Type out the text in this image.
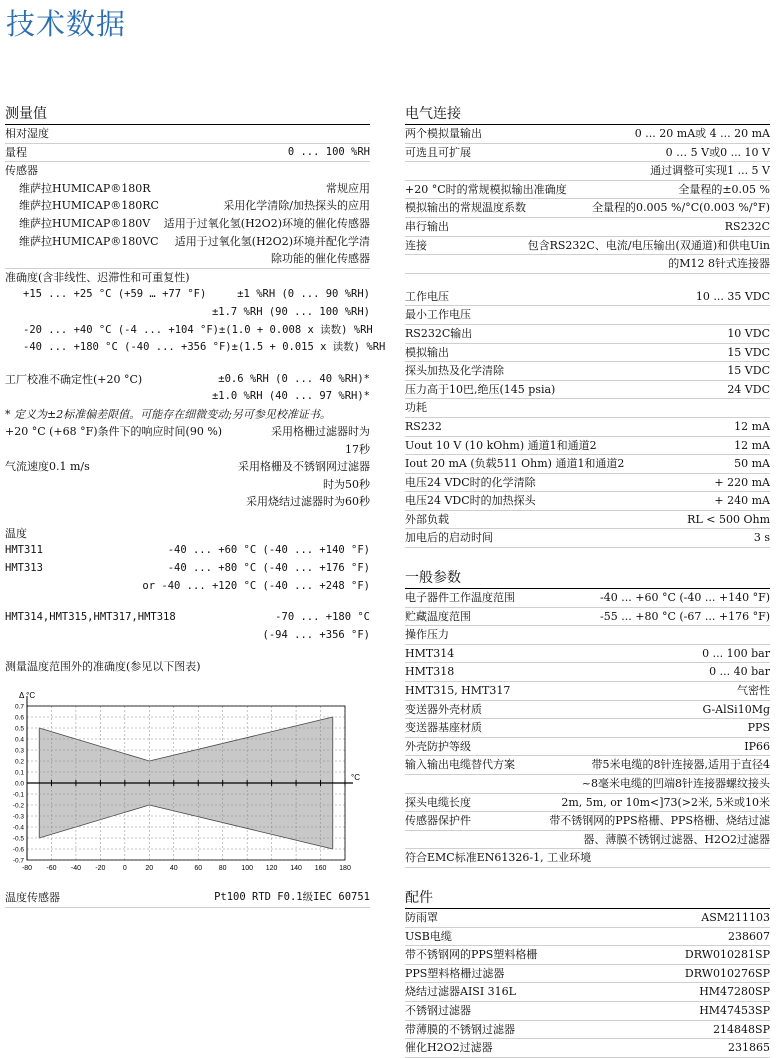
技术数据
测量值
相对湿度
量程	0 ... 100 %RH
传感器
维萨拉HUMICAP®180R	常规应用
维萨拉HUMICAP®180RC	采用化学清除/加热探头的应用
维萨拉HUMICAP®180V 适用于过氧化氢(H2O2)环境的催化传感器
维萨拉HUMICAP®180VC 适用于过氧化氢(H2O2)环境并配化学清
除功能的催化传感器
准确度(含非线性、迟滞性和可重复性)
+15 ... +25 °C (+59 … +77 °F)	±1 %RH (0 ... 90 %RH)
±1.7 %RH (90 ... 100 %RH)
-20 ... +40 °C (-4 ... +104 °F) ±(1.0 + 0.008 x 读数) %RH
-40 ... +180 °C (-40 ... +356 °F) ±(1.5 + 0.015 x 读数) %RH
工厂校准不确定性(+20 °C)	±0.6 %RH (0 ... 40 %RH)*
±1.0 %RH (40 ... 97 %RH)*
* 定义为±2标准偏差限值。可能存在细微变动;另可参见校准证书。
+20 °C (+68 °F)条件下的响应时间(90 %)	采用格栅过滤器时为
17秒
气流速度0.1 m/s	采用格栅及不锈钢网过滤器
时为50秒
采用烧结过滤器时为60秒
温度
HMT311	-40 ... +60 °C (-40 ... +140 °F)
HMT313	-40 ... +80 °C (-40 ... +176 °F)
or -40 ... +120 °C (-40 ... +248 °F)
HMT314,HMT315,HMT317,HMT318	-70 ... +180 °C
(-94 ... +356 °F)
测量温度范围外的准确度(参见以下图表)
-80 -60 -40 -20 0	20 40 60 80 100 120 140 160 180
0.7
0.6
0.5
0.4
0.3
0.2
0.1
0.0
-0.1
-0.2
-0.3
-0.4
-0.5
-0.6
-0.7
Δ °C
°C
温度传感器	Pt100 RTD F0.1级IEC 60751
电气连接
两个模拟量输出	0 ... 20 mA或 4 ... 20 mA
可选且可扩展	0 … 5 V或0 ... 10 V
通过调整可实现1 ... 5 V
+20 °C时的常规模拟输出准确度	全量程的±0.05 %
模拟输出的常规温度系数	全量程的0.005 %/°C(0.003 %/°F)
串行输出	RS232C
连接	包含RS232C、电流/电压输出(双通道)和供电Uin
的M12 8针式连接器
工作电压	10 ... 35 VDC
最小工作电压
RS232C输出	10 VDC
模拟输出	15 VDC
探头加热及化学清除	15 VDC
压力高于10巴,绝压(145 psia)	24 VDC
功耗
RS232	12 mA
Uout 10 V (10 kOhm) 通道1和通道2	12 mA
Iout 20 mA (负载511 Ohm) 通道1和通道2	50 mA
电压24 VDC时的化学清除	+ 220 mA
电压24 VDC时的加热探头	+ 240 mA
外部负载	RL < 500 Ohm
加电后的启动时间	3 s
一般参数
电子器件工作温度范围	-40 ... +60 °C (-40 ... +140 °F)
贮藏温度范围	-55 ... +80 °C (-67 ... +176 °F)
操作压力
HMT314	0 ... 100 bar
HMT318	0 ... 40 bar
HMT315, HMT317	气密性
变送器外壳材质	G-AlSi10Mg
变送器基座材质	PPS
外壳防护等级	IP66
输入输出电缆替代方案	带5米电缆的8针连接器,适用于直径4
~8毫米电缆的凹端8针连接器螺纹接头
探头电缆长度	2m, 5m, or 10m<]73(>2米, 5米或10米
传感器保护件	带不锈钢网的PPS格栅、PPS格栅、烧结过滤
器、薄膜不锈钢过滤器、H2O2过滤器
符合EMC标准EN61326-1, 工业环境
配件
防雨罩	ASM211103
USB电缆	238607
带不锈钢网的PPS塑料格栅	DRW010281SP
PPS塑料格栅过滤器	DRW010276SP
烧结过滤器AISI 316L	HM47280SP
不锈钢过滤器	HM47453SP
带薄膜的不锈钢过滤器	214848SP
催化H2O2过滤器	231865
